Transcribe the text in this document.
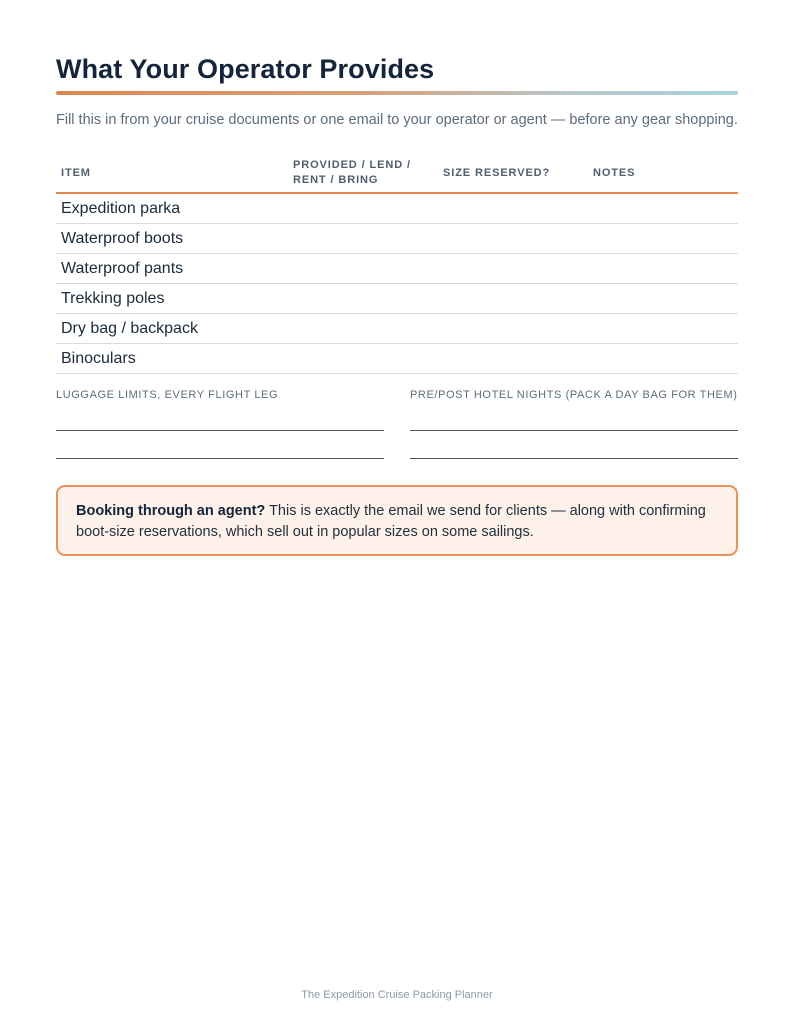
What Your Operator Provides
Fill this in from your cruise documents or one email to your operator or agent — before any gear shopping.
ITEM	PROVIDED / LEND / RENT / BRING	SIZE RESERVED?	NOTES
Expedition parka			
Waterproof boots			
Waterproof pants			
Trekking poles			
Dry bag / backpack			
Binoculars			
LUGGAGE LIMITS, EVERY FLIGHT LEG	PRE/POST HOTEL NIGHTS (PACK A DAY BAG FOR THEM)
Booking through an agent? This is exactly the email we send for clients — along with confirming boot-size reservations, which sell out in popular sizes on some sailings.
The Expedition Cruise Packing Planner
